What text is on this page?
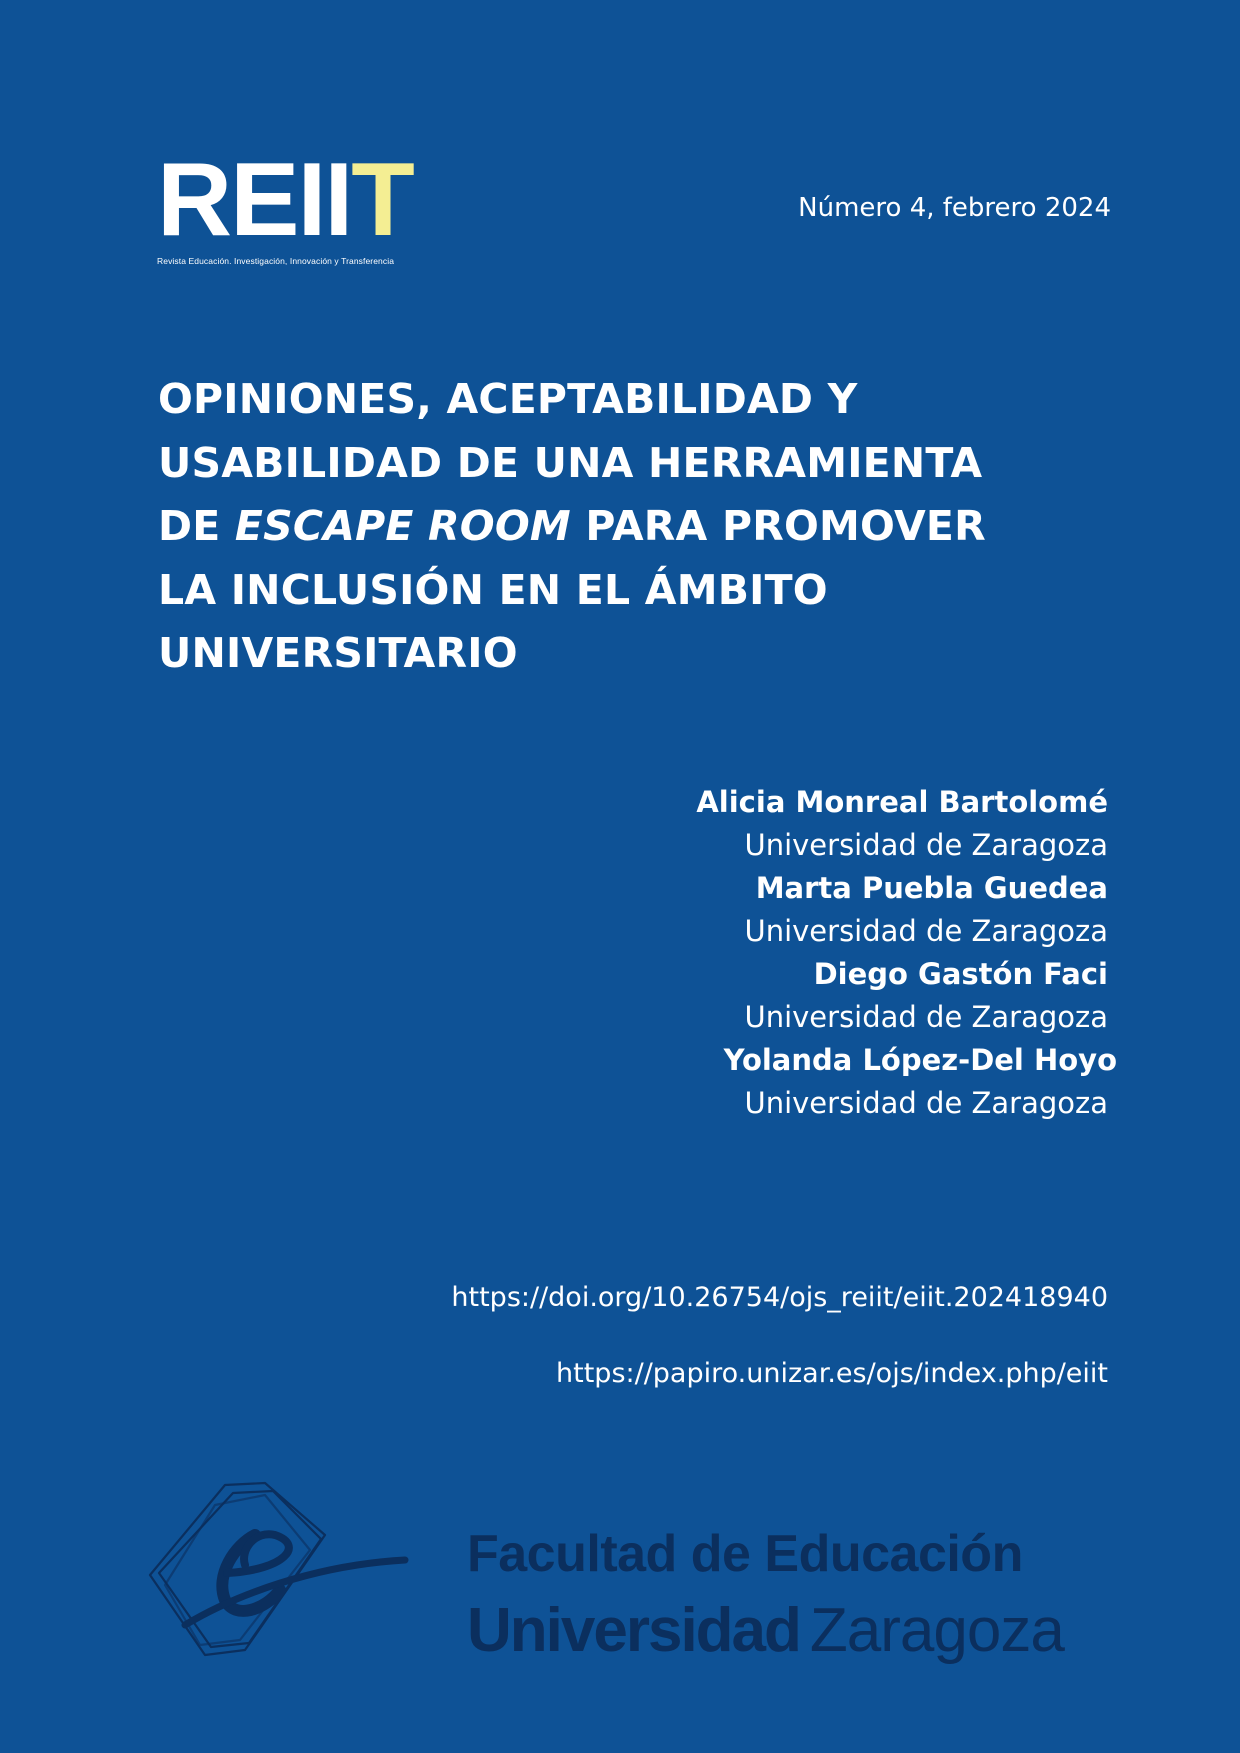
REIIT
Revista Educación. Investigación, Innovación y Transferencia
Número 4, febrero 2024
OPINIONES, ACEPTABILIDAD Y
USABILIDAD DE UNA HERRAMIENTA
DE ESCAPE ROOM PARA PROMOVER
LA INCLUSIÓN EN EL ÁMBITO
UNIVERSITARIO
Alicia Monreal Bartolomé
Universidad de Zaragoza
Marta Puebla Guedea
Universidad de Zaragoza
Diego Gastón Faci
Universidad de Zaragoza
Yolanda López-Del Hoyo
Universidad de Zaragoza
https://doi.org/10.26754/ojs_reiit/eiit.202418940
https://papiro.unizar.es/ojs/index.php/eiit
Facultad de Educación
Universidad Zaragoza
